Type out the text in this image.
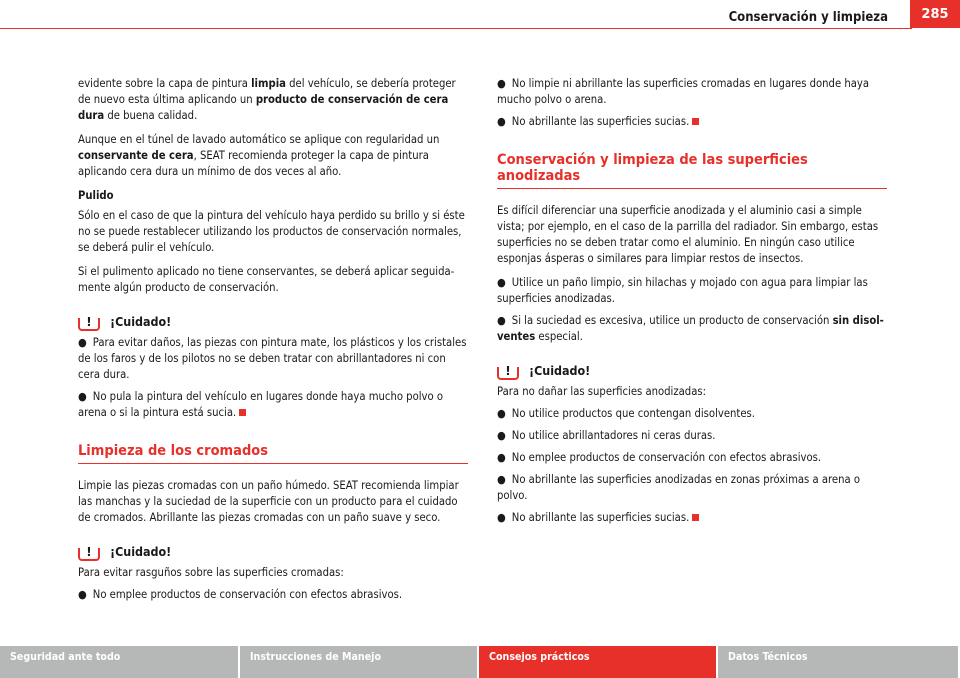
Conservación y limpieza	285

evidente sobre la capa de pintura limpia del vehículo, se debería proteger de nuevo esta última aplicando un producto de conservación de cera dura de buena calidad.

Aunque en el túnel de lavado automático se aplique con regularidad un conservante de cera, SEAT recomienda proteger la capa de pintura aplicando cera dura un mínimo de dos veces al año.

Pulido

Sólo en el caso de que la pintura del vehículo haya perdido su brillo y si éste no se puede restablecer utilizando los productos de conservación normales, se deberá pulir el vehículo.

Si el pulimento aplicado no tiene conservantes, se deberá aplicar seguida-mente algún producto de conservación.

! ¡Cuidado!

● Para evitar daños, las piezas con pintura mate, los plásticos y los cristales de los faros y de los pilotos no se deben tratar con abrillantadores ni con cera dura.

● No pula la pintura del vehículo en lugares donde haya mucho polvo o arena o si la pintura está sucia.

Limpieza de los cromados

Limpie las piezas cromadas con un paño húmedo. SEAT recomienda limpiar las manchas y la suciedad de la superficie con un producto para el cuidado de cromados. Abrillante las piezas cromadas con un paño suave y seco.

! ¡Cuidado!

Para evitar rasguños sobre las superficies cromadas:

● No emplee productos de conservación con efectos abrasivos.

● No limpie ni abrillante las superficies cromadas en lugares donde haya mucho polvo o arena.

● No abrillante las superficies sucias.

Conservación y limpieza de las superficies anodizadas

Es difícil diferenciar una superficie anodizada y el aluminio casi a simple vista; por ejemplo, en el caso de la parrilla del radiador. Sin embargo, estas superficies no se deben tratar como el aluminio. En ningún caso utilice esponjas ásperas o similares para limpiar restos de insectos.

● Utilice un paño limpio, sin hilachas y mojado con agua para limpiar las superficies anodizadas.

● Si la suciedad es excesiva, utilice un producto de conservación sin disol-ventes especial.

! ¡Cuidado!

Para no dañar las superficies anodizadas:

● No utilice productos que contengan disolventes.

● No utilice abrillantadores ni ceras duras.

● No emplee productos de conservación con efectos abrasivos.

● No abrillante las superficies anodizadas en zonas próximas a arena o polvo.

● No abrillante las superficies sucias.

Seguridad ante todo	Instrucciones de Manejo	Consejos prácticos	Datos Técnicos
